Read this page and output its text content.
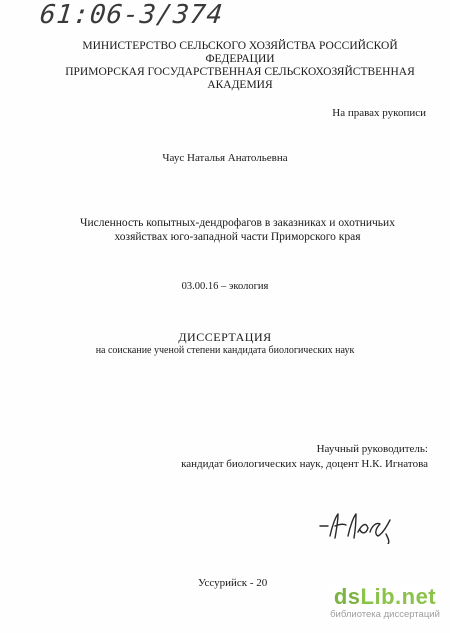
61:06-3/374
МИНИСТЕРСТВО СЕЛЬСКОГО ХОЗЯЙСТВА РОССИЙСКОЙ ФЕДЕРАЦИИ
ПРИМОРСКАЯ ГОСУДАРСТВЕННАЯ СЕЛЬСКОХОЗЯЙСТВЕННАЯ
АКАДЕМИЯ
На правах рукописи
Чаус Наталья Анатольевна
Численность копытных-дендрофагов в заказниках и охотничьих
хозяйствах юго-западной части Приморского края
03.00.16 – экология
ДИССЕРТАЦИЯ
на соискание ученой степени кандидата биологических наук
Научный руководитель:
кандидат биологических наук, доцент Н.К. Игнатова
Уссурийск - 20
dsLib.net
библиотека диссертаций
